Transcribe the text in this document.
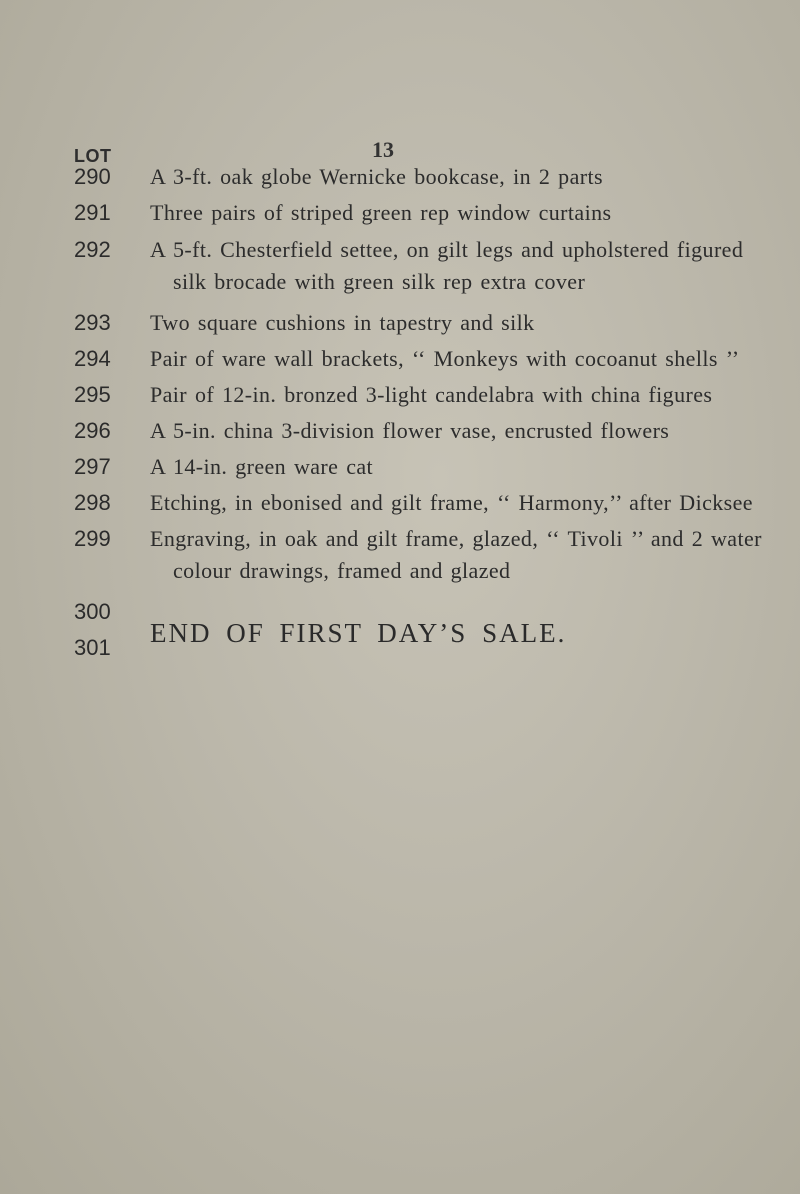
13
LOT
290 A 3-ft. oak globe Wernicke bookcase, in 2 parts
291 Three pairs of striped green rep window curtains
292 A 5-ft. Chesterfield settee, on gilt legs and upholstered figured
silk brocade with green silk rep extra cover
293 Two square cushions in tapestry and silk
294 Pair of ware wall brackets, ‘‘ Monkeys with cocoanut shells ’’
295 Pair of 12-in. bronzed 3-light candelabra with china figures
296 A 5-in. china 3-division flower vase, encrusted flowers
297 A 14-in. green ware cat
298 Etching, in ebonised and gilt frame, ‘‘ Harmony,’’ after Dicksee
299 Engraving, in oak and gilt frame, glazed, ‘‘ Tivoli ’’ and 2 water
colour drawings, framed and glazed
300
301 END OF FIRST DAY’S SALE.
